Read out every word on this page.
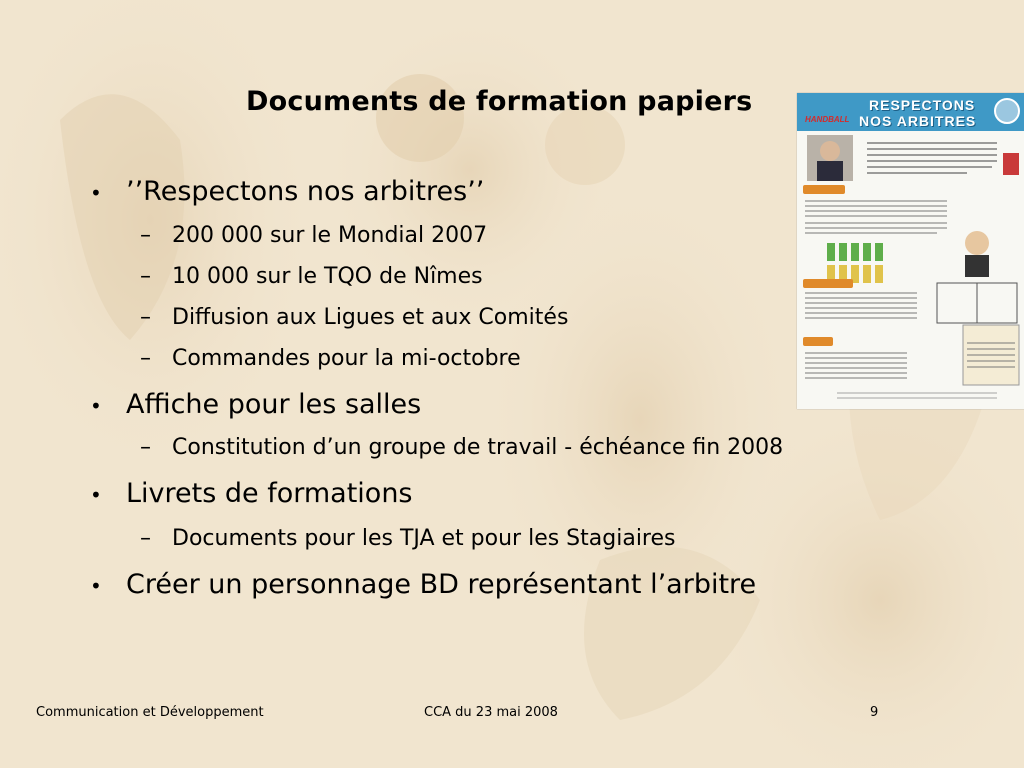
Documents de formation papiers
HANDBALL
RESPECTONS
NOS ARBITRES
• ’’Respectons nos arbitres’’
– 200 000 sur le Mondial 2007
– 10 000 sur le TQO de Nîmes
– Diffusion aux Ligues et aux Comités
– Commandes pour la mi-octobre
• Affiche pour les salles
– Constitution d’un groupe de travail - échéance fin 2008
• Livrets de formations
– Documents pour les TJA et pour les Stagiaires
• Créer un personnage BD représentant l’arbitre
Communication et Développement	CCA du 23 mai 2008	9
